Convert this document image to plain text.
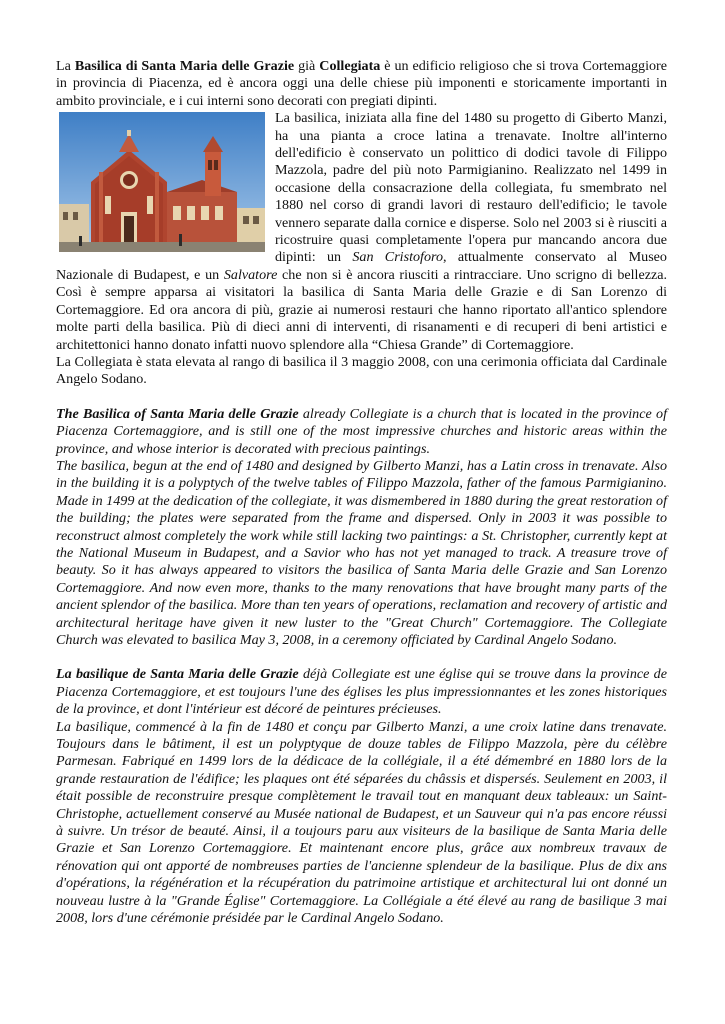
La Basilica di Santa Maria delle Grazie già Collegiata è un edificio religioso che si trova Cortemaggiore in provincia di Piacenza, ed è ancora oggi una delle chiese più imponenti e storicamente importanti in ambito provinciale, e i cui interni sono decorati con pregiati dipinti.

La basilica, iniziata alla fine del 1480 su progetto di Giberto Manzi, ha una pianta a croce latina a trenavate. Inoltre all'interno dell'edificio è conservato un polittico di dodici tavole di Filippo Mazzola, padre del più noto Parmigianino. Realizzato nel 1499 in occasione della consacrazione della collegiata, fu smembrato nel 1880 nel corso di grandi lavori di restauro dell'edificio; le tavole vennero separate dalla cornice e disperse. Solo nel 2003 si è riusciti a ricostruire quasi completamente l'opera pur mancando ancora due dipinti: un San Cristoforo, attualmente conservato al Museo Nazionale di Budapest, e un Salvatore che non si è ancora riusciti a rintracciare. Uno scrigno di bellezza. Così è sempre apparsa ai visitatori la basilica di Santa Maria delle Grazie e di San Lorenzo di Cortemaggiore. Ed ora ancora di più, grazie ai numerosi restauri che hanno riportato all'antico splendore molte parti della basilica. Più di dieci anni di interventi, di risanamenti e di recuperi di beni artistici e architettonici hanno donato infatti nuovo splendore alla “Chiesa Grande” di Cortemaggiore.

La Collegiata è stata elevata al rango di basilica il 3 maggio 2008, con una cerimonia officiata dal Cardinale Angelo Sodano.

The Basilica of Santa Maria delle Grazie already Collegiate is a church that is located in the province of Piacenza Cortemaggiore, and is still one of the most impressive churches and historic areas within the province, and whose interior is decorated with precious paintings.

The basilica, begun at the end of 1480 and designed by Gilberto Manzi, has a Latin cross in trenavate. Also in the building it is a polyptych of the twelve tables of Filippo Mazzola, father of the famous Parmigianino. Made in 1499 at the dedication of the collegiate, it was dismembered in 1880 during the great restoration of the building; the plates were separated from the frame and dispersed. Only in 2003 it was possible to reconstruct almost completely the work while still lacking two paintings: a St. Christopher, currently kept at the National Museum in Budapest, and a Savior who has not yet managed to track. A treasure trove of beauty. So it has always appeared to visitors the basilica of Santa Maria delle Grazie and San Lorenzo Cortemaggiore. And now even more, thanks to the many renovations that have brought many parts of the ancient splendor of the basilica. More than ten years of operations, reclamation and recovery of artistic and architectural heritage have given it new luster to the "Great Church" Cortemaggiore. The Collegiate Church was elevated to basilica May 3, 2008, in a ceremony officiated by Cardinal Angelo Sodano.

La basilique de Santa Maria delle Grazie déjà Collegiate est une église qui se trouve dans la province de Piacenza Cortemaggiore, et est toujours l'une des églises les plus impressionnantes et les zones historiques de la province, et dont l'intérieur est décoré de peintures précieuses.

La basilique, commencé à la fin de 1480 et conçu par Gilberto Manzi, a une croix latine dans trenavate. Toujours dans le bâtiment, il est un polyptyque de douze tables de Filippo Mazzola, père du célèbre Parmesan. Fabriqué en 1499 lors de la dédicace de la collégiale, il a été démembré en 1880 lors de la grande restauration de l'édifice; les plaques ont été séparées du châssis et dispersés. Seulement en 2003, il était possible de reconstruire presque complètement le travail tout en manquant deux tableaux: un Saint-Christophe, actuellement conservé au Musée national de Budapest, et un Sauveur qui n'a pas encore réussi à suivre. Un trésor de beauté. Ainsi, il a toujours paru aux visiteurs de la basilique de Santa Maria delle Grazie et San Lorenzo Cortemaggiore. Et maintenant encore plus, grâce aux nombreux travaux de rénovation qui ont apporté de nombreuses parties de l'ancienne splendeur de la basilique. Plus de dix ans d'opérations, la régénération et la récupération du patrimoine artistique et architectural lui ont donné un nouveau lustre à la "Grande Église" Cortemaggiore. La Collégiale a été élevé au rang de basilique 3 mai 2008, lors d'une cérémonie présidée par le Cardinal Angelo Sodano.
